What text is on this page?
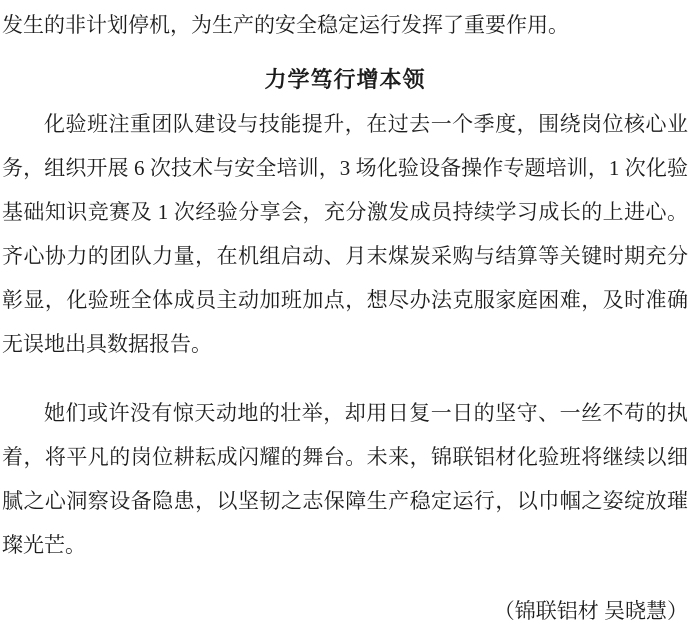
发生的非计划停机，为生产的安全稳定运行发挥了重要作用。

力学笃行增本领

化验班注重团队建设与技能提升，在过去一个季度，围绕岗位核心业务，组织开展 6 次技术与安全培训，3 场化验设备操作专题培训，1 次化验基础知识竞赛及 1 次经验分享会，充分激发成员持续学习成长的上进心。齐心协力的团队力量，在机组启动、月末煤炭采购与结算等关键时期充分彰显，化验班全体成员主动加班加点，想尽办法克服家庭困难，及时准确无误地出具数据报告。

她们或许没有惊天动地的壮举，却用日复一日的坚守、一丝不苟的执着，将平凡的岗位耕耘成闪耀的舞台。未来，锦联铝材化验班将继续以细腻之心洞察设备隐患，以坚韧之志保障生产稳定运行，以巾帼之姿绽放璀璨光芒。

（锦联铝材 吴晓慧）
